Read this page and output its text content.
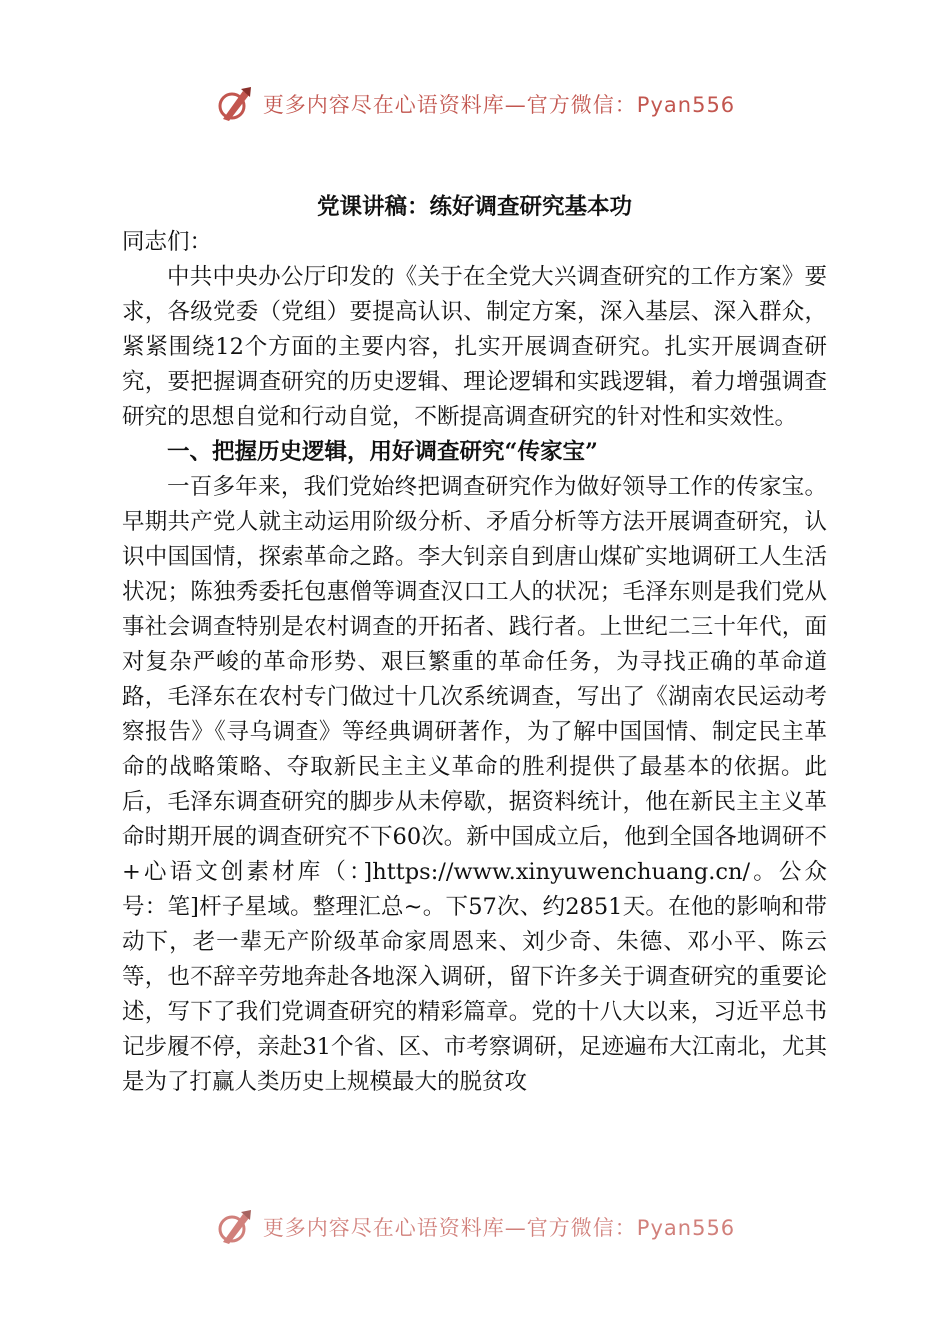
更多内容尽在心语资料库—官方微信：Pyan556

党课讲稿：练好调查研究基本功

同志们：

中共中央办公厅印发的《关于在全党大兴调查研究的工作方案》要求，各级党委（党组）要提高认识、制定方案，深入基层、深入群众，紧紧围绕12个方面的主要内容，扎实开展调查研究。扎实开展调查研究，要把握调查研究的历史逻辑、理论逻辑和实践逻辑，着力增强调查研究的思想自觉和行动自觉，不断提高调查研究的针对性和实效性。

一、把握历史逻辑，用好调查研究“传家宝”

一百多年来，我们党始终把调查研究作为做好领导工作的传家宝。早期共产党人就主动运用阶级分析、矛盾分析等方法开展调查研究，认识中国国情，探索革命之路。李大钊亲自到唐山煤矿实地调研工人生活状况；陈独秀委托包惠僧等调查汉口工人的状况；毛泽东则是我们党从事社会调查特别是农村调查的开拓者、践行者。上世纪二三十年代，面对复杂严峻的革命形势、艰巨繁重的革命任务，为寻找正确的革命道路，毛泽东在农村专门做过十几次系统调查，写出了《湖南农民运动考察报告》《寻乌调查》等经典调研著作，为了解中国国情、制定民主革命的战略策略、夺取新民主主义革命的胜利提供了最基本的依据。此后，毛泽东调查研究的脚步从未停歇，据资料统计，他在新民主主义革命时期开展的调查研究不下60次。新中国成立后，他到全国各地调研不+心语文创素材库（：]https://www.xinyuwenchuang.cn/。公众号：笔]杆子星域。整理汇总~。下57次、约2851天。在他的影响和带动下，老一辈无产阶级革命家周恩来、刘少奇、朱德、邓小平、陈云等，也不辞辛劳地奔赴各地深入调研，留下许多关于调查研究的重要论述，写下了我们党调查研究的精彩篇章。党的十八大以来，习近平总书记步履不停，亲赴31个省、区、市考察调研，足迹遍布大江南北，尤其是为了打赢人类历史上规模最大的脱贫攻

更多内容尽在心语资料库—官方微信：Pyan556
